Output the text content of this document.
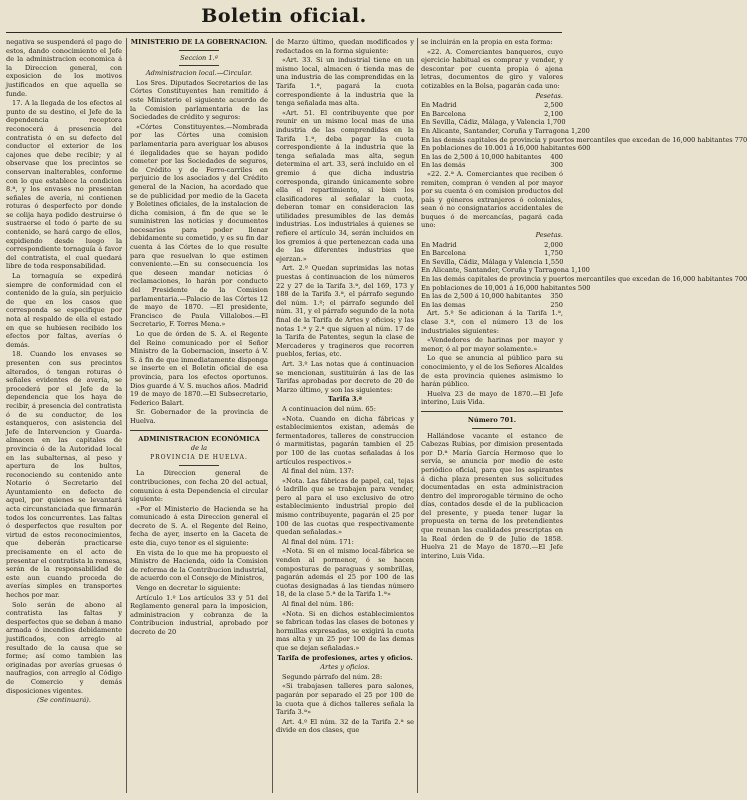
Boletin oficial.

negativa se suspenderá el pago de estos, dando conocimiento el Jefe de la administracion economica á la Direccion general, con exposicion de los motivos justificados en que aquella se funde.

17. A la llegada de los efectos al punto de su destino, el Jefe de la dependencia receptora reconocerá á presencia del contratista ó en su defecto del conductor el exterior de los cajones que debe recibir; y al observase que los precintos se conservan inalterables, conforme con lo que establece la condicion 8.ª, y los envases no presentan señales de avería, ni contienen roturas ó desperfecto por donde se colija haya podido destruirse ó sustraerse el todo ó parte de su contenido, se hará cargo de ellos, expidiendo desde luego la correspondiente tornaguía á favor del contratista, el cual quedará libre de toda responsabilidad.

La tornaguía se expedirá siempre de conformidad con el contenido de la guía, sin perjuicio de que en los casos que corresponda se especifique por nota al respaldo de ella el estado en que se hubiesen recibido los efectos por faltas, averías ó demás.

18. Cuando los envases se presenten con sus precintos alterados, ó tengan roturas ó señales evidentes de avería, se procederá por el Jefe de la dependencia que los haya de recibir, á presencia del contratista ó de su conductor, de los estanqueros, con asistencia del Jefe de Intervencion y Guarda-almacen en las capitales de provincia ó de la Autoridad local en las subalternas, al peso y apertura de los bultos, reconociendo su contenido ante Notario ó Secretario del Ayuntamiento en defecto de aquel, por quienes se levantará acta circunstanciada que firmarán todos los concurrentes. Las faltas ó desperfectos que resulten por virtud de estos reconocimientos, que deberán practicarse precisamente en el acto de presentar el contratista la remesa, serán de la responsabilidad de este aun cuando proceda de averías simples en transportes hechos por mar.

Solo serán de abono al contratista las faltas y desperfectos que se deban á mano armada ó incendios debidamente justificados, con arreglo al resultado de la causa que se forme; así como tambien las originadas por averías gruesas ó naufragios, con arreglo al Código de Comercio y demás disposiciones vigentes.

(Se continuará).

MINISTERIO DE LA GOBERNACION.

Seccion 1.ª

Administracion local.—Circular.

Los Sres. Diputados Secretarios de las Córtes Constituyentes han remitido á este Ministerio el siguiente acuerdo de la Comision parlamentaria de las Sociedades de crédito y seguros:

«Córtes Constituyentes.—Nombrada por las Córtes una comision parlamentaria para averiguar los abusos é ilegalidades que se hayan podido cometer por las Sociedades de seguros, de Crédito y de Ferro-carriles en perjuicio de los asociados y del Crédito general de la Nacion, ha acordado que se de publicidad por medio de la Gaceta y Boletines oficiales, de la instalacion de dicha comision, á fin de que se le suministren las noticias y documentos necesarios para poder llenar debidamente su cometido, y es su fin dar cuenta á las Córtes de lo que resulte para que resuelvan lo que estimen conveniente.—En su consecuencia los que deseen mandar noticias ó reclamaciones, lo harán por conducto del Presidente de la Comision parlamentaria.—Palacio de las Córtes 12 de mayo de 1870. —El presidente, Francisco de Paula Villalobos.—El Secretario, F. Torres Mena.»

Lo que de órden de S. A. el Regente del Reino comunicado por el Señor Ministro de la Gobernacion, inserto á V. S. á fin de que inmediatamente disponga se inserte en el Boletin oficial de esa provincia, para los efectos oportunos. Dios guarde á V. S. muchos años. Madrid 19 de mayo de 1870.—El Subsecretario, Federico Balart.

Sr. Gobernador de la provincia de Huelva.

ADMINISTRACION ECONÓMICA

de la

PROVINCIA DE HUELVA.

La Direccion general de contribuciones, con fecha 20 del actual, comunica á esta Dependencia el circular siguiente:

«Por el Ministerio de Hacienda se ha comunicado á esta Direccion general el decreto de S. A. el Regente del Reino, fecha de ayer, inserto en la Gaceta de este dia, cuyo tenor es el siguiente:

En vista de lo que me ha propuesto el Ministro de Hacienda, oido la Comision de reforma de la Contribucion industrial, de acuerdo con el Consejo de Ministros,

Vengo en decretar lo siguiente:

Artículo 1.º Los artículos 33 y 51 del Reglamento general para la imposicion, administracion y cobranza de la Contribucion industrial, aprobado por decreto de 20

de Marzo último, quedan modificados y redactados en la forma siguiente:

«Art. 33. Si un industrial tiene en un mismo local, almacen ó tienda mas de una industria de las comprendidas en la Tarifa 1.ª, pagará la cuota correspondiente á la industria que la tenga señalada mas alta.

«Art. 51. El contribuyente que por reunir en un mismo local mas de una industria de las comprendidas en la Tarifa 1.ª, deba pagar la cuota correspondiente á la industria que la tenga señalada mas alta, segun determina el art. 33, será incluido en el gremio á que dicha industria corresponda, girando únicamente sobre ella el repartimiento, si bien los clasificadores al señalar la cuota, deberan tomar en consideracion las utilidades presumibles de las demás industrias. Los industriales á quienes se refiere el artículo 34, serán incluidos en los gremios á que pertenezcan cada una de las diferentes industrias que ejerzan.»

Art. 2.º Quedan suprimidas las notas puestas á continuacion de los números 22 y 27 de la Tarifa 3.ª, del 169, 173 y 188 de la Tarifa 3.ª, el párrafo segundo del núm. 1.º; el párrafo segundo del núm. 31, y el párrafo segundo de la nota final de la Tarifa de Artes y oficios; y las notas 1.ª y 2.ª que siguen al núm. 17 de la Tarifa de Patentes, segun la clase de Mercaderes y tragineros que recorren pueblos, ferias, etc.

Art. 3.º Las notas que á continuacion se mencionan, sustituirán á las de las Tarifas aprobadas por decreto de 20 de Marzo último, y son las siguientes:

Tarifa 3.ª

A continuacion del núm. 65:

«Nota. Cuando en dicha fábricas y establecimientos existan, además de fermentadores, talleres de construccion ó marmitistas, pagarán tambien el 25 por 100 de las cuotas señaladas á los artículos respectivos.»

Al final del núm. 137:

«Nota. Las fábricas de papel, cal, tejas ó ladrillo que se trabajen para vender, pero al para el uso exclusivo de otro establecimiento industrial propio del mismo contribuyente, pagarán el 25 por 100 de las cuotas que respectivamente quedan señaladas.»

Al final del núm. 171:

«Nota. Si en el mismo local-fábrica se venden al pormenor, ó se hacen composturas de paraguas y sombrillas, pagarán además el 25 por 100 de las cuotas designadas á las tiendas número 18, de la clase 5.ª de la Tarifa 1.ª»

Al final del núm. 186:

«Nota. Si en dichos establecimientos se fabrican todas las clases de botones y hormillas expresadas, se exigirá la cuota mas alta y un 25 por 100 de las demas que se dejan señaladas.»

Tarifa de profesiones, artes y oficios.

Artes y oficios.

Segundo párrafo del núm. 28:

«Si trabajasen talleres para salones, pagarán por separado el 25 por 100 de la cuota que á dichos talleres señala la Tarifa 3.ª»

Art. 4.º El núm. 32 de la Tarifa 2.ª se divide en dos clases, que

se incluirán en la propia en esta forma:

«22. A. Comerciantes banqueros, cuyo ejercicio habitual es comprar y vender, y descontar por cuenta propia ó ajena letras, documentos de giro y valores cotizables en la Bolsa, pagarán cada uno:

Pesetas.

En Madrid	2,500
En Barcelona	2,100
En Sevilla, Cádiz, Málaga, y Valencia 1,700
En Alicante, Santander, Coruña y Tarragona 1,200
En las demás capitales de provincia y puertos mercantiles que excedan de 16,000 habitantes 770
En poblaciones de 10.001 á 16,000 habitantes 600
En las de 2,500 á 10,000 habitantes	400
En las demás	300

«22. 2.ª A. Comerciantes que reciben ó remiten, compran ó venden al por mayor por su cuenta ó en comision productos del país y géneros extranjeros ó coloniales, sean ó no consignatarios accidentales de buques ó de mercancías, pagará cada uno:

Pesetas.

En Madrid	2,000
En Barcelona	1,750
En Sevilla, Cádiz, Málaga y Valencia 1,550
En Alicante, Santander, Coruña y Tarragona 1,100
En las demás capitales de provincia y puertos mercantiles que excedan de 16,000 habitantes 700
En poblaciones de 10,001 á 16,000 habitantes 500
En las de 2,500 á 10,000 habitantes	350
En las demas	250

Art. 5.º Se adicionan á la Tarifa 1.ª, clase 3.ª, con el número 13 de los industriales siguientes:

«Vendedores de harinas por mayor y menor, ó al por mayor solamente.»

Lo que se anuncia al público para su conocimiento, y el de los Señores Alcaldes de esta provincia quienes asimismo lo harán público.

Huelva 23 de mayo de 1870.—El Jefe interino, Luis Vida.

Número 701.

Hallándose vacante el estanco de Cabezas Rubias, por dimision presentada por D.ª María García Hermoso que lo servía, se anuncia por medio de este periódico oficial, para que los aspirantes á dicha plaza presenten sus solicitudes documentadas en esta administracion dentro del improrogable término de ocho días, contados desde el de la publicacion del presente, y pueda tener lugar la propuesta en terna de los pretendientes que reunan las cualidades prescriptas en la Real órden de 9 de Julio de 1858. Huelva 21 de Mayo de 1870.—El Jefe interino, Luis Vida.
